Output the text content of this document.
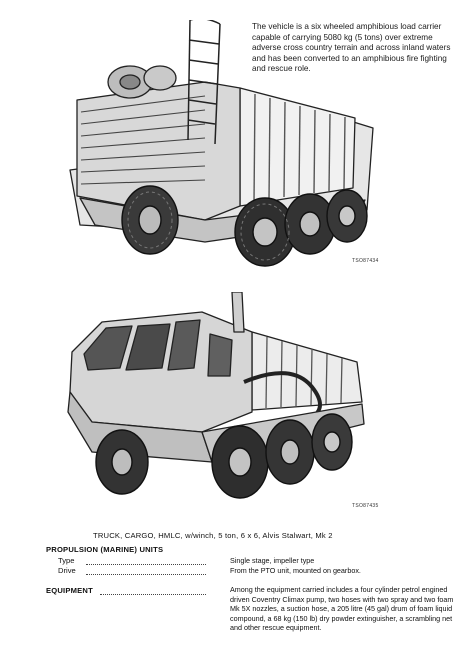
The vehicle is a six wheeled amphibious load carrier capable of carrying 5080 kg (5 tons) over extreme adverse cross country terrain and across inland waters and has been converted to an amphibious fire fighting and rescue role.

TSO87434
TSO87435
TRUCK, CARGO, HMLC, w/winch, 5 ton, 6 x 6, Alvis Stalwart, Mk 2
PROPULSION (MARINE) UNITS
Type	Single stage, impeller type
Drive	From the PTO unit, mounted on gearbox.
EQUIPMENT	Among the equipment carried includes a four cylinder petrol engined driven Coventry Climax pump, two hoses with two spray and two foam Mk 5X nozzles, a suction hose, a 205 litre (45 gal) drum of foam liquid compound, a 68 kg (150 lb) dry powder extinguisher, a scrambling net and other rescue equipment.
